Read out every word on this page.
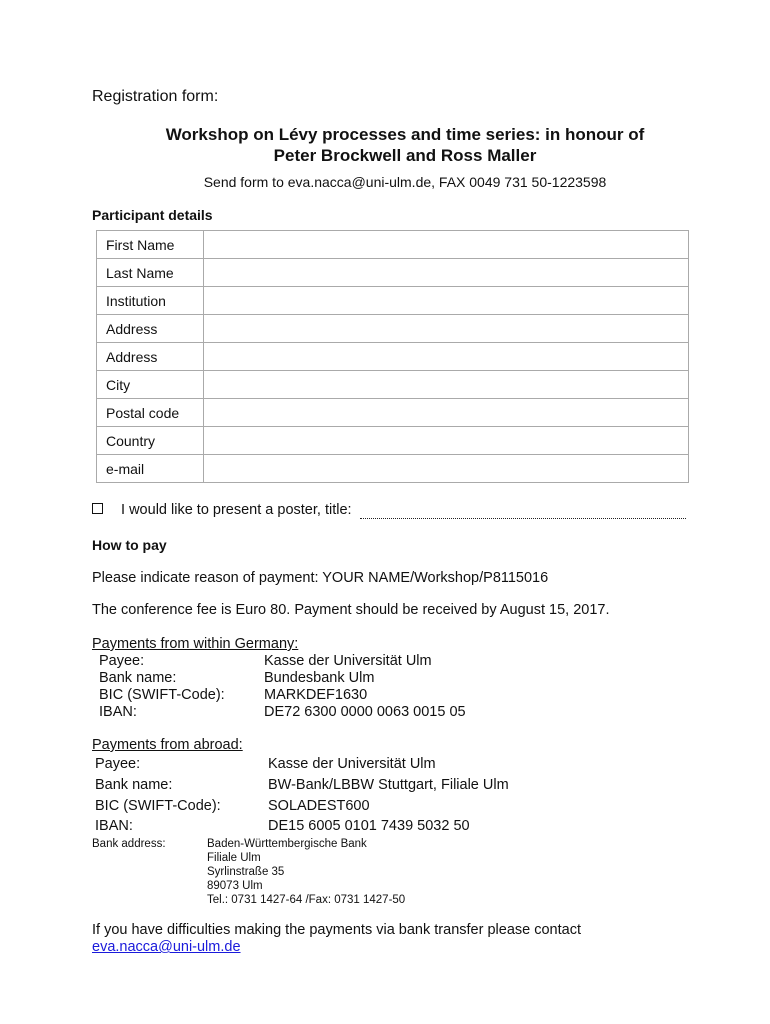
Registration form:
Workshop on Lévy processes and time series: in honour of
Peter Brockwell and Ross Maller
Send form to eva.nacca@uni-ulm.de, FAX 0049 731 50-1223598
Participant details
First Name	
Last Name	
Institution	
Address	
Address	
City	
Postal code	
Country	
e-mail	
I would like to present a poster, title:
How to pay
Please indicate reason of payment: YOUR NAME/Workshop/P8115016
The conference fee is Euro 80. Payment should be received by August 15, 2017.
Payments from within Germany:
Payee:	Kasse der Universität Ulm
Bank name:	Bundesbank Ulm
BIC (SWIFT-Code):	MARKDEF1630
IBAN:	DE72 6300 0000 0063 0015 05
Payments from abroad:
Payee:	Kasse der Universität Ulm
Bank name:	BW-Bank/LBBW Stuttgart, Filiale Ulm
BIC (SWIFT-Code):	SOLADEST600
IBAN:	DE15 6005 0101 7439 5032 50
Bank address:	Baden-Württembergische Bank
Filiale Ulm
Syrlinstraße 35
89073 Ulm
Tel.: 0731 1427-64 /Fax: 0731 1427-50
If you have difficulties making the payments via bank transfer please contact
eva.nacca@uni-ulm.de
